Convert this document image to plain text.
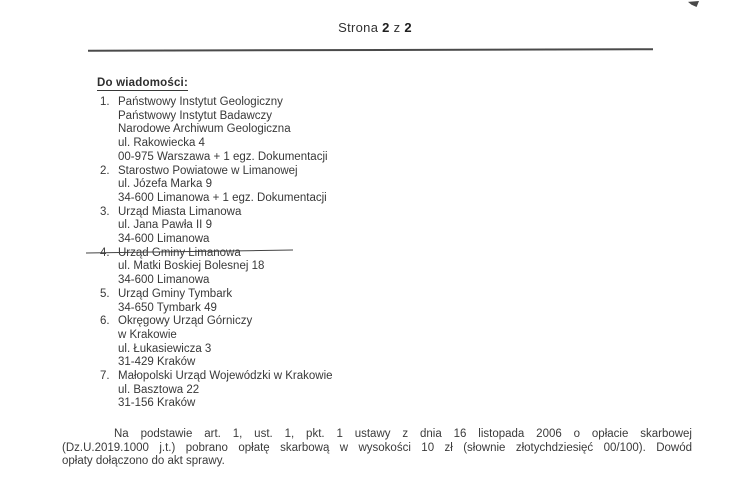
Strona 2 z 2
Do wiadomości:
1. Państwowy Instytut Geologiczny
Państwowy Instytut Badawczy
Narodowe Archiwum Geologiczna
ul. Rakowiecka 4
00-975 Warszawa + 1 egz. Dokumentacji
2. Starostwo Powiatowe w Limanowej
ul. Józefa Marka 9
34-600 Limanowa + 1 egz. Dokumentacji
3. Urząd Miasta Limanowa
ul. Jana Pawła II 9
34-600 Limanowa
4. Urząd Gminy Limanowa
ul. Matki Boskiej Bolesnej 18
34-600 Limanowa
5. Urząd Gminy Tymbark
34-650 Tymbark 49
6. Okręgowy Urząd Górniczy
w Krakowie
ul. Łukasiewicza 3
31-429 Kraków
7. Małopolski Urząd Wojewódzki w Krakowie
ul. Basztowa 22
31-156 Kraków
Na podstawie art. 1, ust. 1, pkt. 1 ustawy z dnia 16 listopada 2006 o opłacie skarbowej
(Dz.U.2019.1000 j.t.) pobrano opłatę skarbową w wysokości 10 zł (słownie złotychdziesięć 00/100). Dowód
opłaty dołączono do akt sprawy.
